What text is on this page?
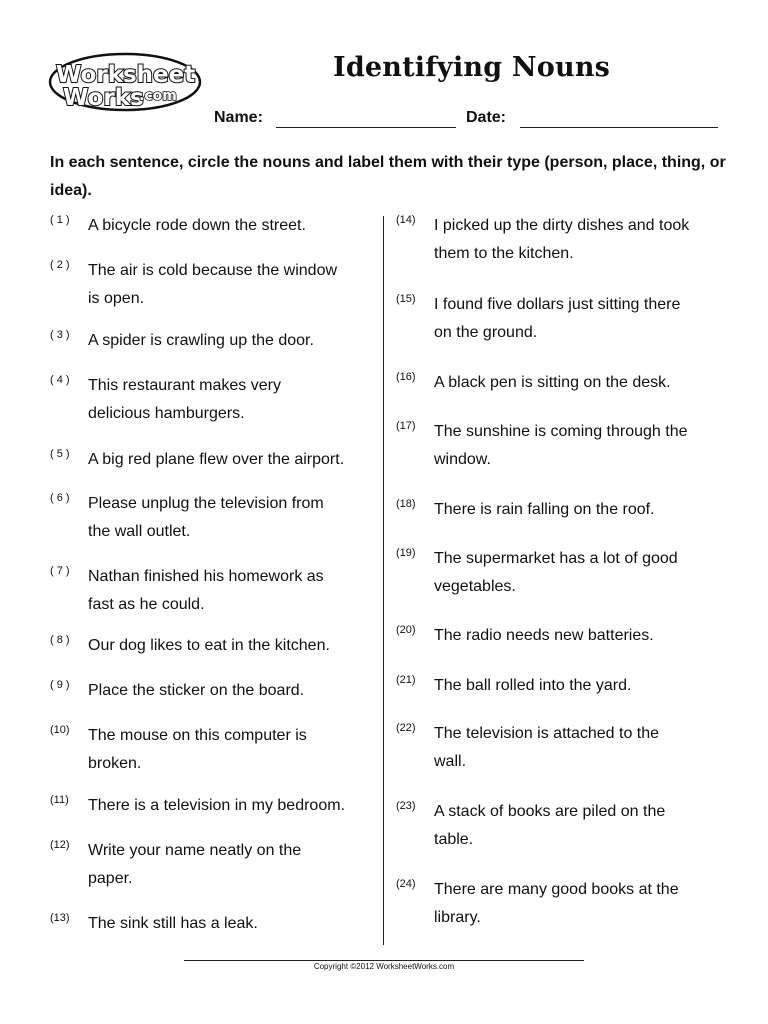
Worksheet
Works
.com
Identifying Nouns
Name:	Date:
In each sentence, circle the nouns and label them with their type (person, place, thing, or idea).
( 1 ) A bicycle rode down the street.
( 2 ) The air is cold because the window
is open.
( 3 ) A spider is crawling up the door.
( 4 ) This restaurant makes very
delicious hamburgers.
( 5 ) A big red plane flew over the airport.
( 6 ) Please unplug the television from
the wall outlet.
( 7 ) Nathan finished his homework as
fast as he could.
( 8 ) Our dog likes to eat in the kitchen.
( 9 ) Place the sticker on the board.
(10) The mouse on this computer is
broken.
(11) There is a television in my bedroom.
(12) Write your name neatly on the
paper.
(13) The sink still has a leak.
(14) I picked up the dirty dishes and took
them to the kitchen.
(15) I found five dollars just sitting there
on the ground.
(16) A black pen is sitting on the desk.
(17) The sunshine is coming through the
window.
(18) There is rain falling on the roof.
(19) The supermarket has a lot of good
vegetables.
(20) The radio needs new batteries.
(21) The ball rolled into the yard.
(22) The television is attached to the
wall.
(23) A stack of books are piled on the
table.
(24) There are many good books at the
library.
Copyright ©2012 WorksheetWorks.com
